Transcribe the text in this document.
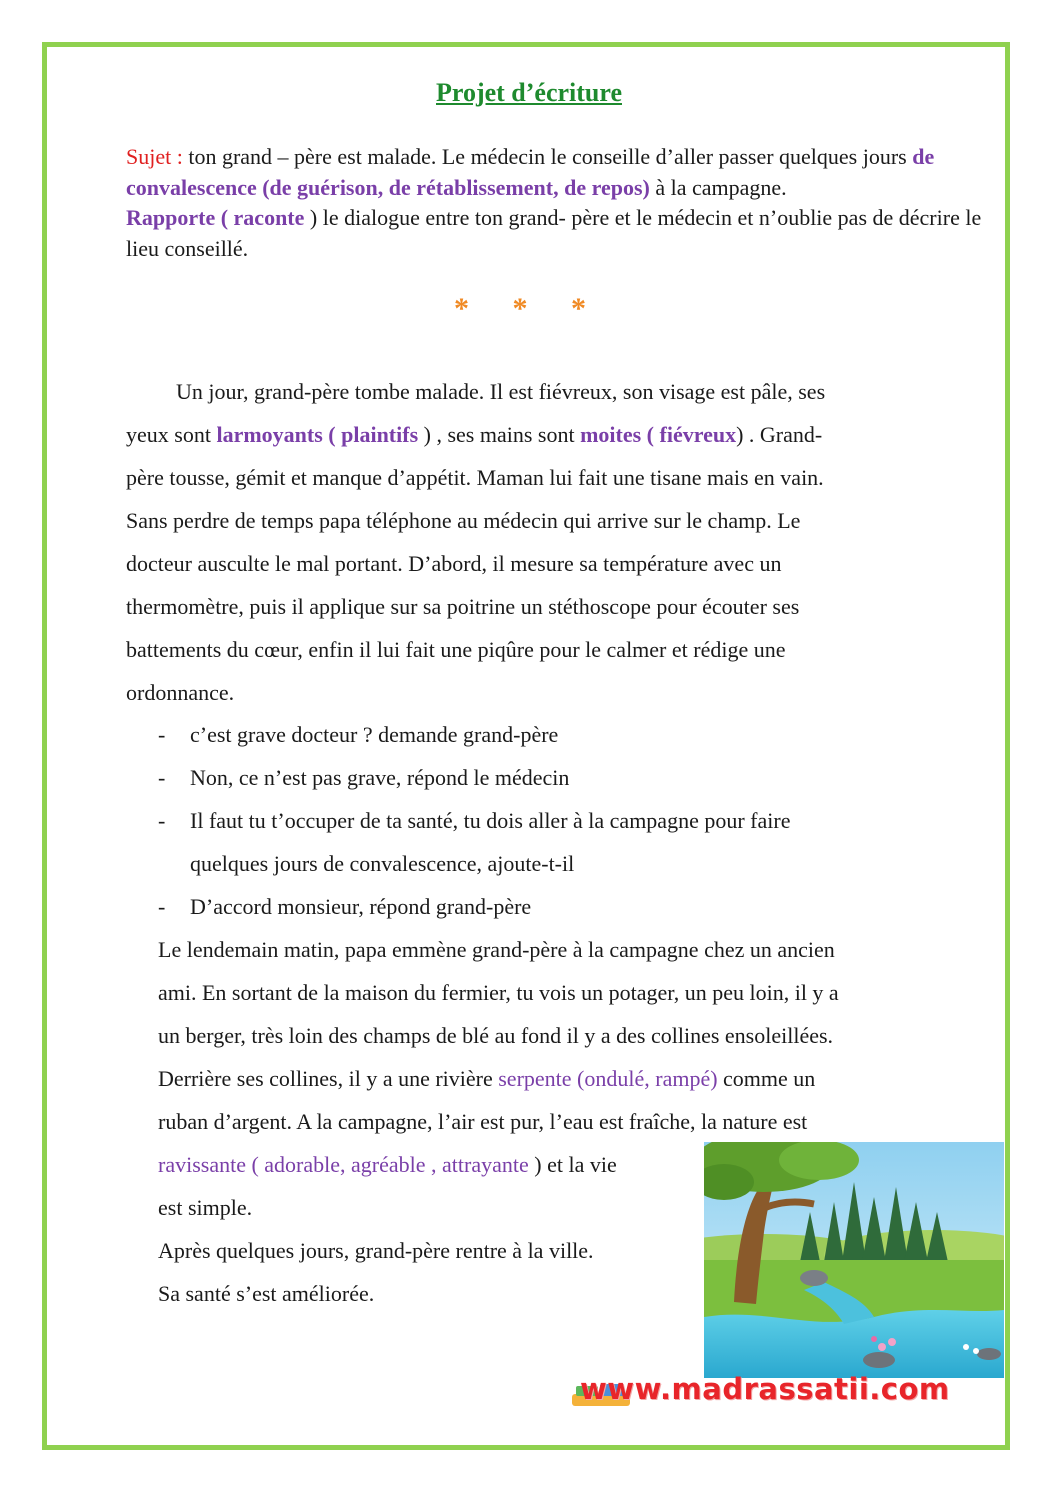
Projet d’écriture
Sujet : ton grand – père est malade. Le médecin le conseille d’aller passer quelques jours de convalescence (de guérison, de rétablissement, de repos) à la campagne.
Rapporte ( raconte ) le dialogue entre ton grand- père et le médecin et n’oublie pas de décrire le lieu conseillé.
* * *
Un jour, grand-père tombe malade. Il est fiévreux, son visage est pâle, ses
yeux sont larmoyants ( plaintifs ) , ses mains sont moites ( fiévreux) . Grand-
père tousse, gémit et manque d’appétit. Maman lui fait une tisane mais en vain.
Sans perdre de temps papa téléphone au médecin qui arrive sur le champ. Le
docteur ausculte le mal portant. D’abord, il mesure sa température avec un
thermomètre, puis il applique sur sa poitrine un stéthoscope pour écouter ses
battements du cœur, enfin il lui fait une piqûre pour le calmer et rédige une
ordonnance.
- c’est grave docteur ? demande grand-père
- Non, ce n’est pas grave, répond le médecin
- Il faut tu t’occuper de ta santé, tu dois aller à la campagne pour faire
quelques jours de convalescence, ajoute-t-il
- D’accord monsieur, répond grand-père
Le lendemain matin, papa emmène grand-père à la campagne chez un ancien
ami. En sortant de la maison du fermier, tu vois un potager, un peu loin, il y a
un berger, très loin des champs de blé au fond il y a des collines ensoleillées.
Derrière ses collines, il y a une rivière serpente (ondulé, rampé) comme un
ruban d’argent. A la campagne, l’air est pur, l’eau est fraîche, la nature est
ravissante ( adorable, agréable , attrayante ) et la vie
est simple.
Après quelques jours, grand-père rentre à la ville.
Sa santé s’est améliorée.
www.madrassatii.com
